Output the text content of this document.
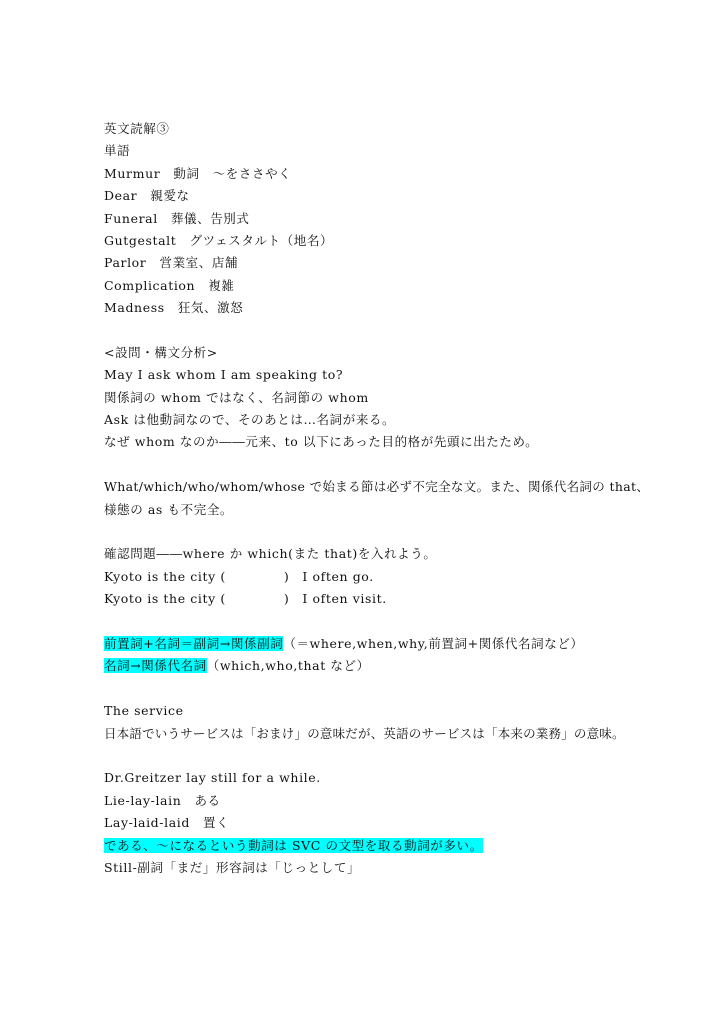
英文読解③
単語
Murmur　動詞　～をささやく
Dear　親愛な
Funeral　葬儀、告別式
Gutgestalt　グツェスタルト（地名）
Parlor　営業室、店舗
Complication　複雑
Madness　狂気、激怒
<設問・構文分析>
May I ask whom I am speaking to?
関係詞の whom ではなく、名詞節の whom
Ask は他動詞なので、そのあとは…名詞が来る。
なぜ whom なのか――元来、to 以下にあった目的格が先頭に出たため。
What/which/who/whom/whose で始まる節は必ず不完全な文。また、関係代名詞の that、
様態の as も不完全。
確認問題――where か which(また that)を入れよう。
Kyoto is the city (	)　I often go.
Kyoto is the city (	)　I often visit.
前置詞+名詞＝副詞→関係副詞（＝where,when,why,前置詞+関係代名詞など）
名詞→関係代名詞（which,who,that など）
The service
日本語でいうサービスは「おまけ」の意味だが、英語のサービスは「本来の業務」の意味。
Dr.Greitzer lay still for a while.
Lie-lay-lain　ある
Lay-laid-laid　置く
である、～になるという動詞は SVC の文型を取る動詞が多い。
Still-副詞「まだ」形容詞は「じっとして」
